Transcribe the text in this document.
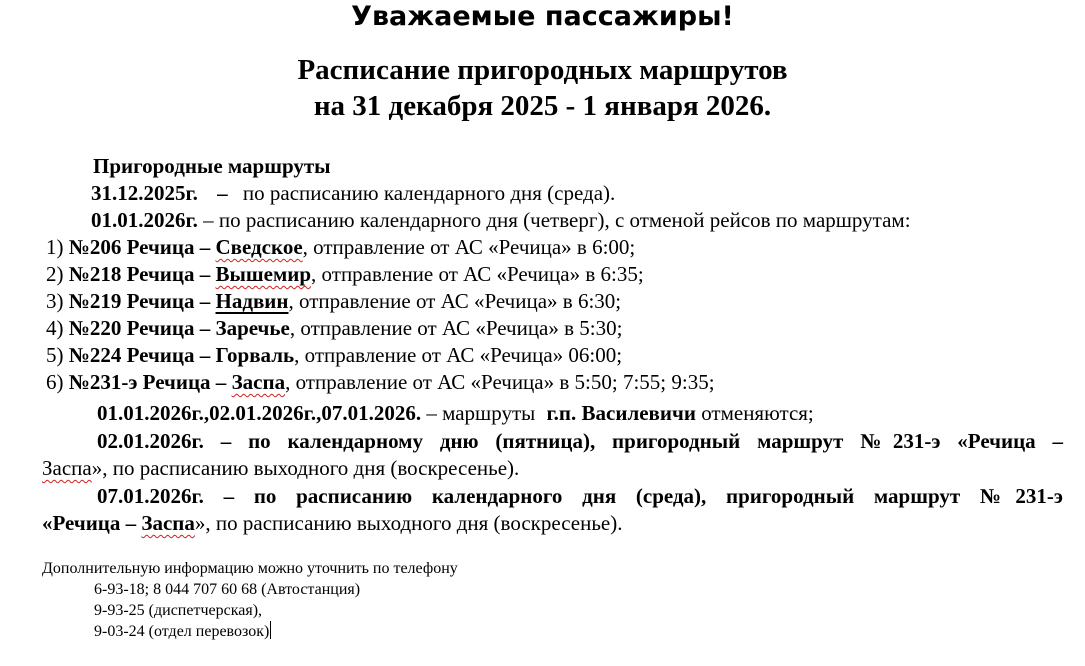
Уважаемые пассажиры!
Расписание пригородных маршрутов
на 31 декабря 2025 - 1 января 2026.
Пригородные маршруты
31.12.2025г. – по расписанию календарного дня (среда).
01.01.2026г. – по расписанию календарного дня (четверг), с отменой рейсов по маршрутам:
1) №206 Речица – Сведское, отправление от АС «Речица» в 6:00;
2) №218 Речица – Вышемир, отправление от АС «Речица» в 6:35;
3) №219 Речица – Надвин, отправление от АС «Речица» в 6:30;
4) №220 Речица – Заречье, отправление от АС «Речица» в 5:30;
5) №224 Речица – Горваль, отправление от АС «Речица» 06:00;
6) №231-э Речица – Заспа, отправление от АС «Речица» в 5:50; 7:55; 9:35;
01.01.2026г.,02.01.2026г.,07.01.2026. – маршруты г.п. Василевичи отменяются;
02.01.2026г. – по календарному дню (пятница), пригородный маршрут №231-э «Речица –
Заспа», по расписанию выходного дня (воскресенье).
07.01.2026г. – по расписанию календарного дня (среда), пригородный маршрут №231-э
«Речица – Заспа», по расписанию выходного дня (воскресенье).
Дополнительную информацию можно уточнить по телефону
6-93-18; 8 044 707 60 68 (Автостанция)
9-93-25 (диспетчерская),
9-03-24 (отдел перевозок)
